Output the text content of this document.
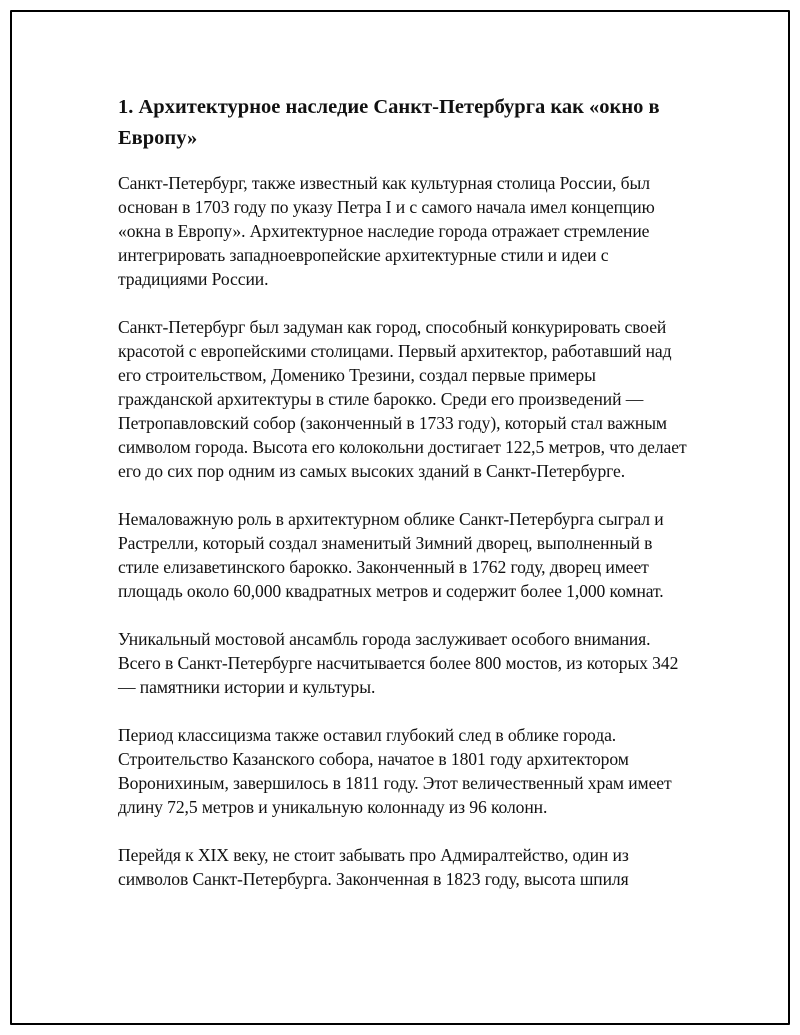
1. Архитектурное наследие Санкт-Петербурга как «окно в Европу»

Санкт-Петербург, также известный как культурная столица России, был основан в 1703 году по указу Петра I и с самого начала имел концепцию «окна в Европу». Архитектурное наследие города отражает стремление интегрировать западноевропейские архитектурные стили и идеи с традициями России.

Санкт-Петербург был задуман как город, способный конкурировать своей красотой с европейскими столицами. Первый архитектор, работавший над его строительством, Доменико Трезини, создал первые примеры гражданской архитектуры в стиле барокко. Среди его произведений — Петропавловский собор (законченный в 1733 году), который стал важным символом города. Высота его колокольни достигает 122,5 метров, что делает его до сих пор одним из самых высоких зданий в Санкт-Петербурге.

Немаловажную роль в архитектурном облике Санкт-Петербурга сыграл и Растрелли, который создал знаменитый Зимний дворец, выполненный в стиле елизаветинского барокко. Законченный в 1762 году, дворец имеет площадь около 60,000 квадратных метров и содержит более 1,000 комнат.

Уникальный мостовой ансамбль города заслуживает особого внимания. Всего в Санкт-Петербурге насчитывается более 800 мостов, из которых 342 — памятники истории и культуры.

Период классицизма также оставил глубокий след в облике города. Строительство Казанского собора, начатое в 1801 году архитектором Воронихиным, завершилось в 1811 году. Этот величественный храм имеет длину 72,5 метров и уникальную колоннаду из 96 колонн.

Перейдя к XIX веку, не стоит забывать про Адмиралтейство, один из символов Санкт-Петербурга. Законченная в 1823 году, высота шпиля
